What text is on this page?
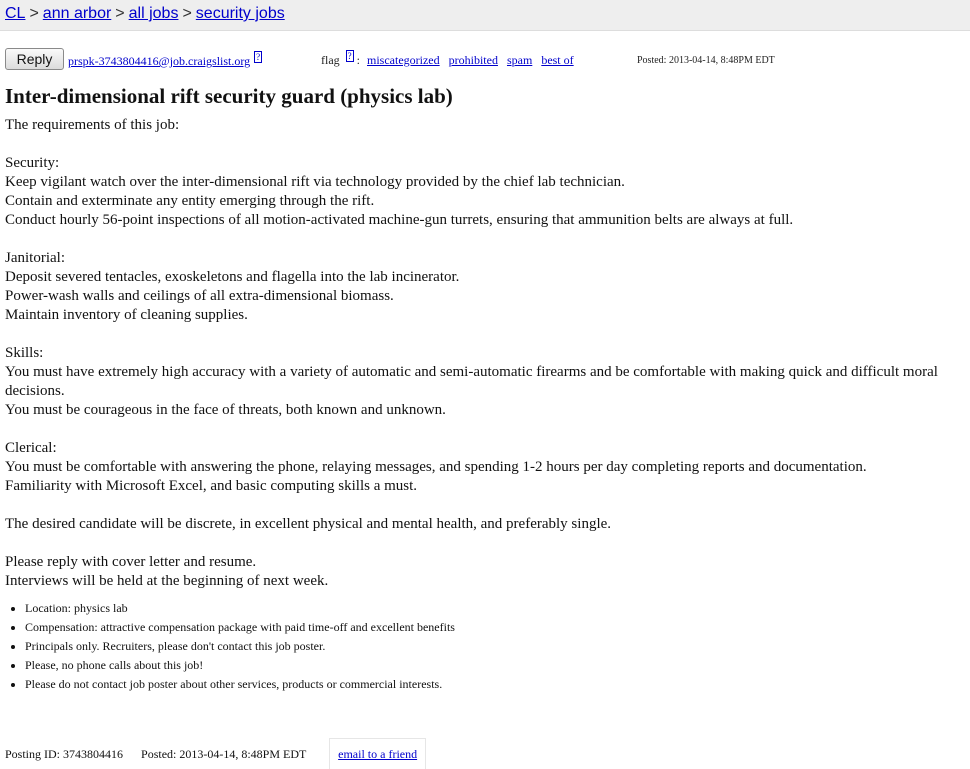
CL > ann arbor > all jobs > security jobs
Reply	prspk-3743804416@job.craigslist.org ?	flag ? : miscategorized prohibited spam best of	Posted: 2013-04-14, 8:48PM EDT
Inter-dimensional rift security guard (physics lab)

The requirements of this job:

Security:
Keep vigilant watch over the inter-dimensional rift via technology provided by the chief lab technician.
Contain and exterminate any entity emerging through the rift.
Conduct hourly 56-point inspections of all motion-activated machine-gun turrets, ensuring that ammunition belts are always at full.

Janitorial:
Deposit severed tentacles, exoskeletons and flagella into the lab incinerator.
Power-wash walls and ceilings of all extra-dimensional biomass.
Maintain inventory of cleaning supplies.

Skills:
You must have extremely high accuracy with a variety of automatic and semi-automatic firearms and be comfortable with making quick and difficult moral decisions.
You must be courageous in the face of threats, both known and unknown.

Clerical:
You must be comfortable with answering the phone, relaying messages, and spending 1-2 hours per day completing reports and documentation.
Familiarity with Microsoft Excel, and basic computing skills a must.

The desired candidate will be discrete, in excellent physical and mental health, and preferably single.

Please reply with cover letter and resume.
Interviews will be held at the beginning of next week.

• Location: physics lab
• Compensation: attractive compensation package with paid time-off and excellent benefits
• Principals only. Recruiters, please don't contact this job poster.
• Please, no phone calls about this job!
• Please do not contact job poster about other services, products or commercial interests.
Posting ID: 3743804416 Posted: 2013-04-14, 8:48PM EDT	email to a friend
